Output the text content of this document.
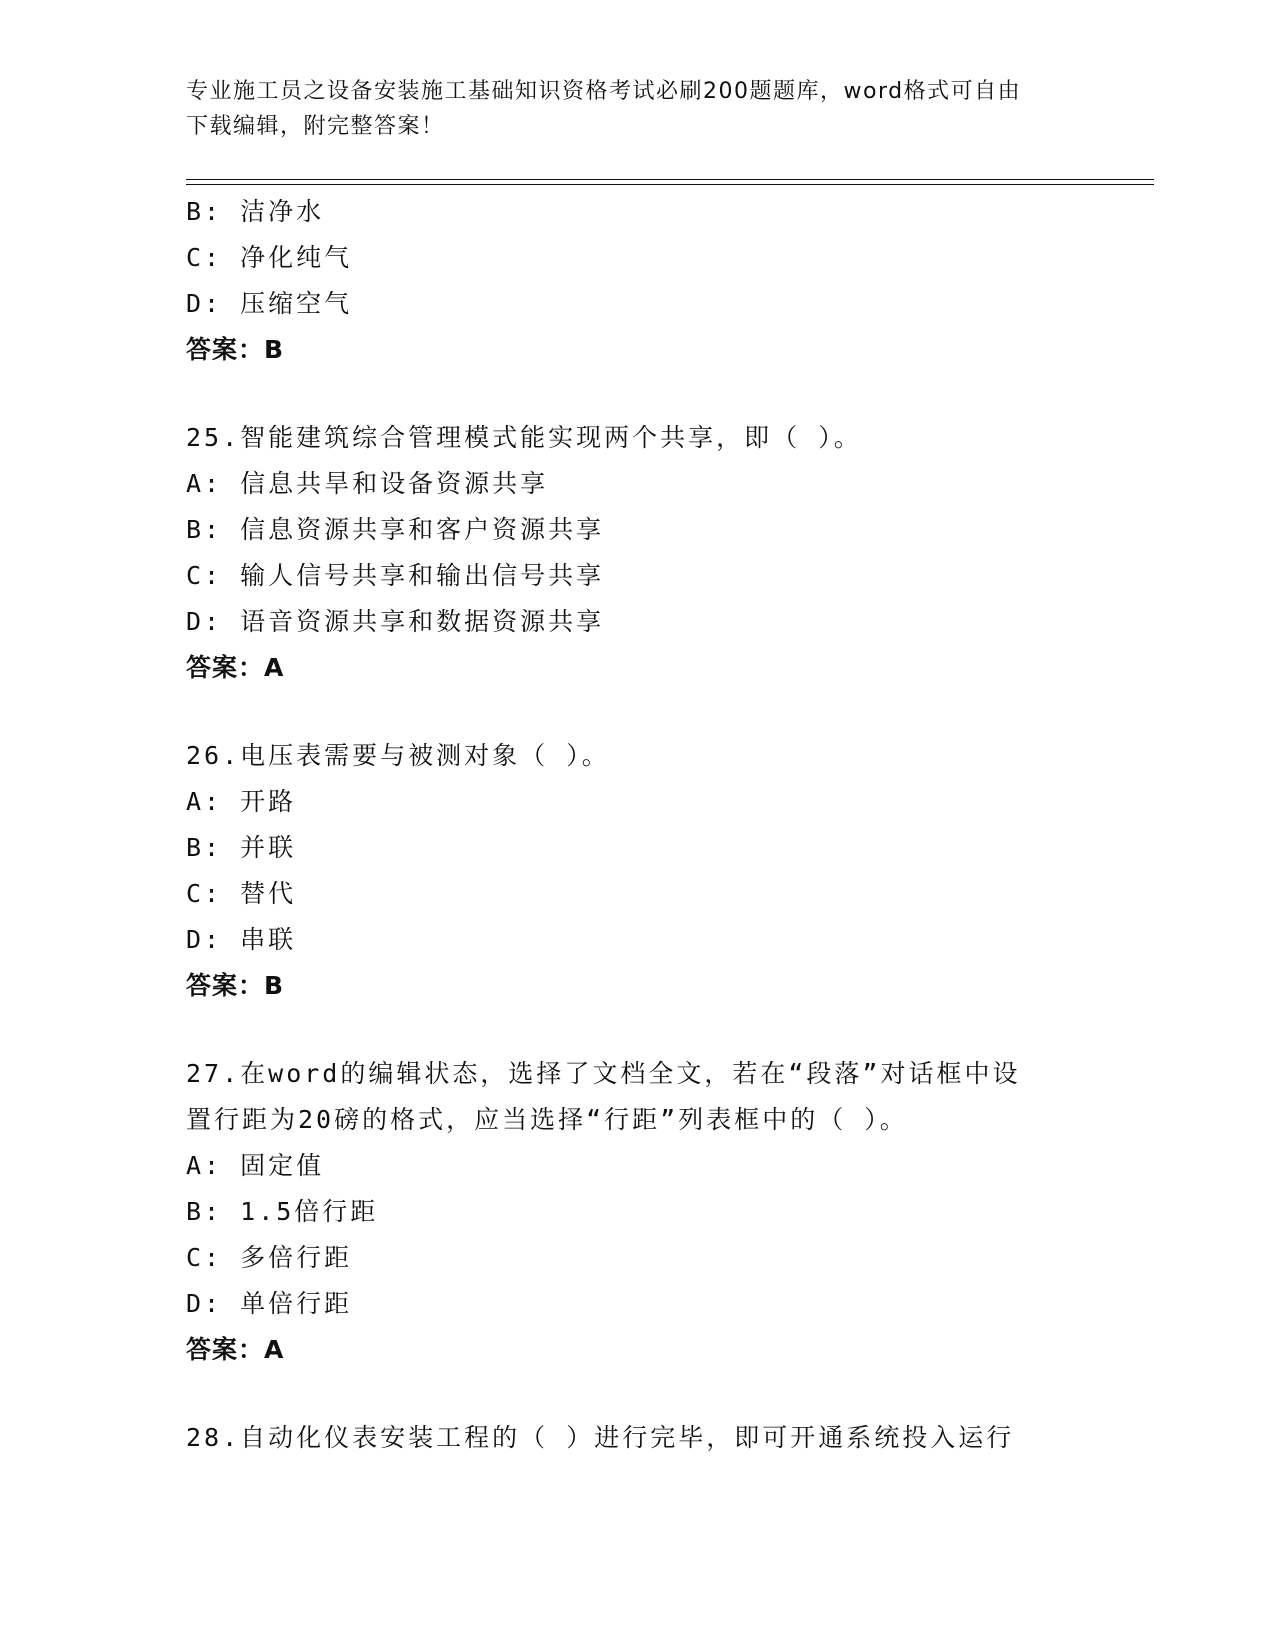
专业施工员之设备安装施工基础知识资格考试必刷200题题库，word格式可自由
下载编辑，附完整答案！
B: 洁净水
C: 净化纯气
D: 压缩空气
答案：B
25.智能建筑综合管理模式能实现两个共享，即（ ）。
A: 信息共旱和设备资源共享
B: 信息资源共享和客户资源共享
C: 输人信号共享和输出信号共享
D: 语音资源共享和数据资源共享
答案：A
26.电压表需要与被测对象（ ）。
A: 开路
B: 并联
C: 替代
D: 串联
答案：B
27.在word的编辑状态，选择了文档全文，若在“段落”对话框中设
置行距为20磅的格式，应当选择“行距”列表框中的（ ）。
A: 固定值
B: 1.5倍行距
C: 多倍行距
D: 单倍行距
答案：A
28.自动化仪表安装工程的（ ）进行完毕，即可开通系统投入运行
